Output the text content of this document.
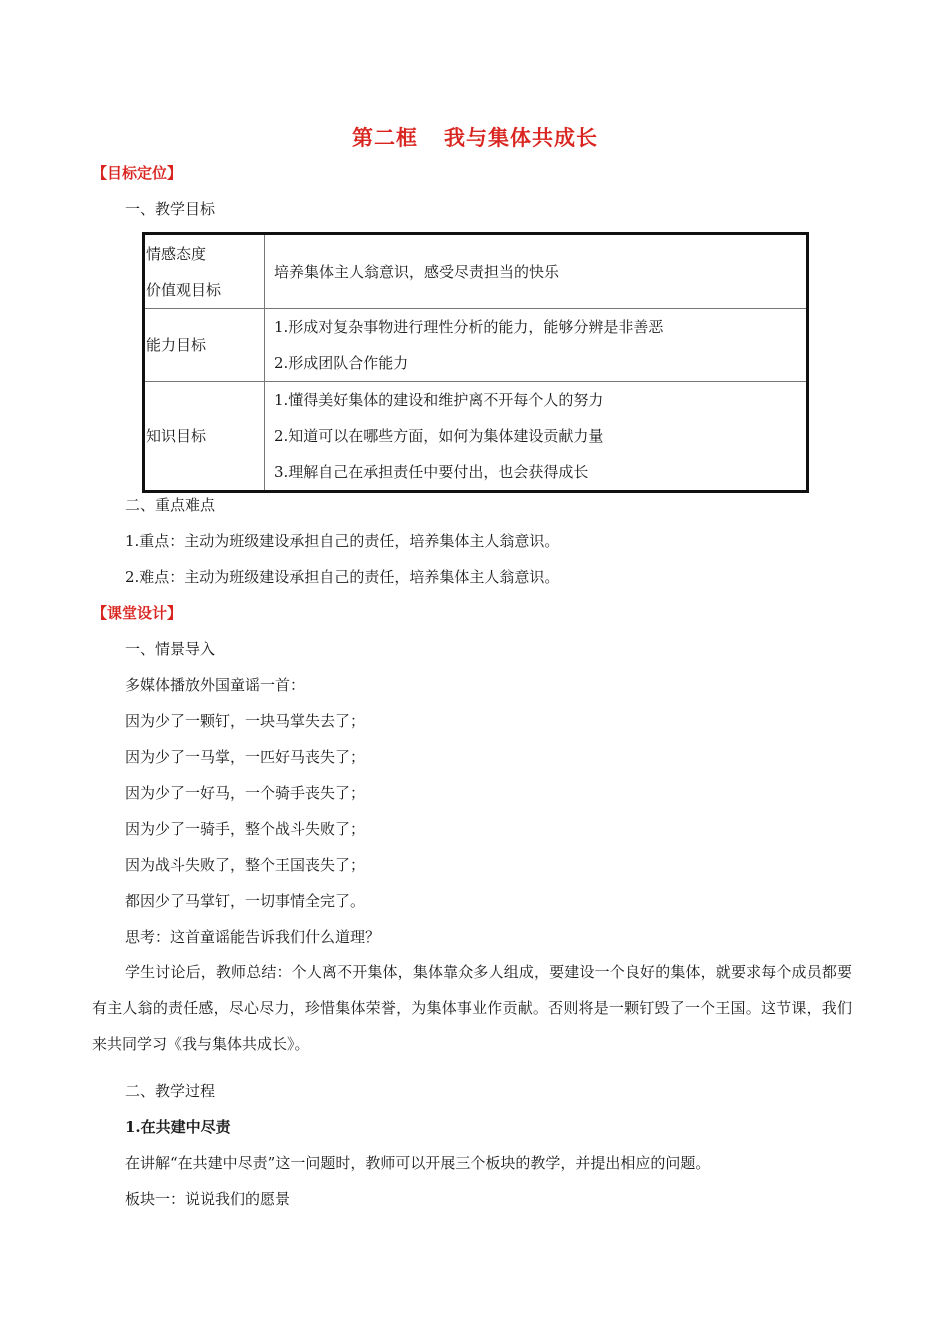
第二框 我与集体共成长
【目标定位】
一、教学目标
情感态度
价值观目标	培养集体主人翁意识，感受尽责担当的快乐

能力目标	1.形成对复杂事物进行理性分析的能力，能够分辨是非善恶
2.形成团队合作能力

知识目标	1.懂得美好集体的建设和维护离不开每个人的努力
2.知道可以在哪些方面，如何为集体建设贡献力量
3.理解自己在承担责任中要付出，也会获得成长
二、重点难点
1.重点：主动为班级建设承担自己的责任，培养集体主人翁意识。
2.难点：主动为班级建设承担自己的责任，培养集体主人翁意识。
【课堂设计】
一、情景导入
多媒体播放外国童谣一首：
因为少了一颗钉，一块马掌失去了；
因为少了一马掌，一匹好马丧失了；
因为少了一好马，一个骑手丧失了；
因为少了一骑手，整个战斗失败了；
因为战斗失败了，整个王国丧失了；
都因少了马掌钉，一切事情全完了。
思考：这首童谣能告诉我们什么道理？
学生讨论后，教师总结：个人离不开集体，集体靠众多人组成，要建设一个良好的集体，就要求每个成员都要有主人翁的责任感，尽心尽力，珍惜集体荣誉，为集体事业作贡献。否则将是一颗钉毁了一个王国。这节课，我们来共同学习《我与集体共成长》。
二、教学过程
1.在共建中尽责
在讲解“在共建中尽责”这一问题时，教师可以开展三个板块的教学，并提出相应的问题。
板块一：说说我们的愿景
